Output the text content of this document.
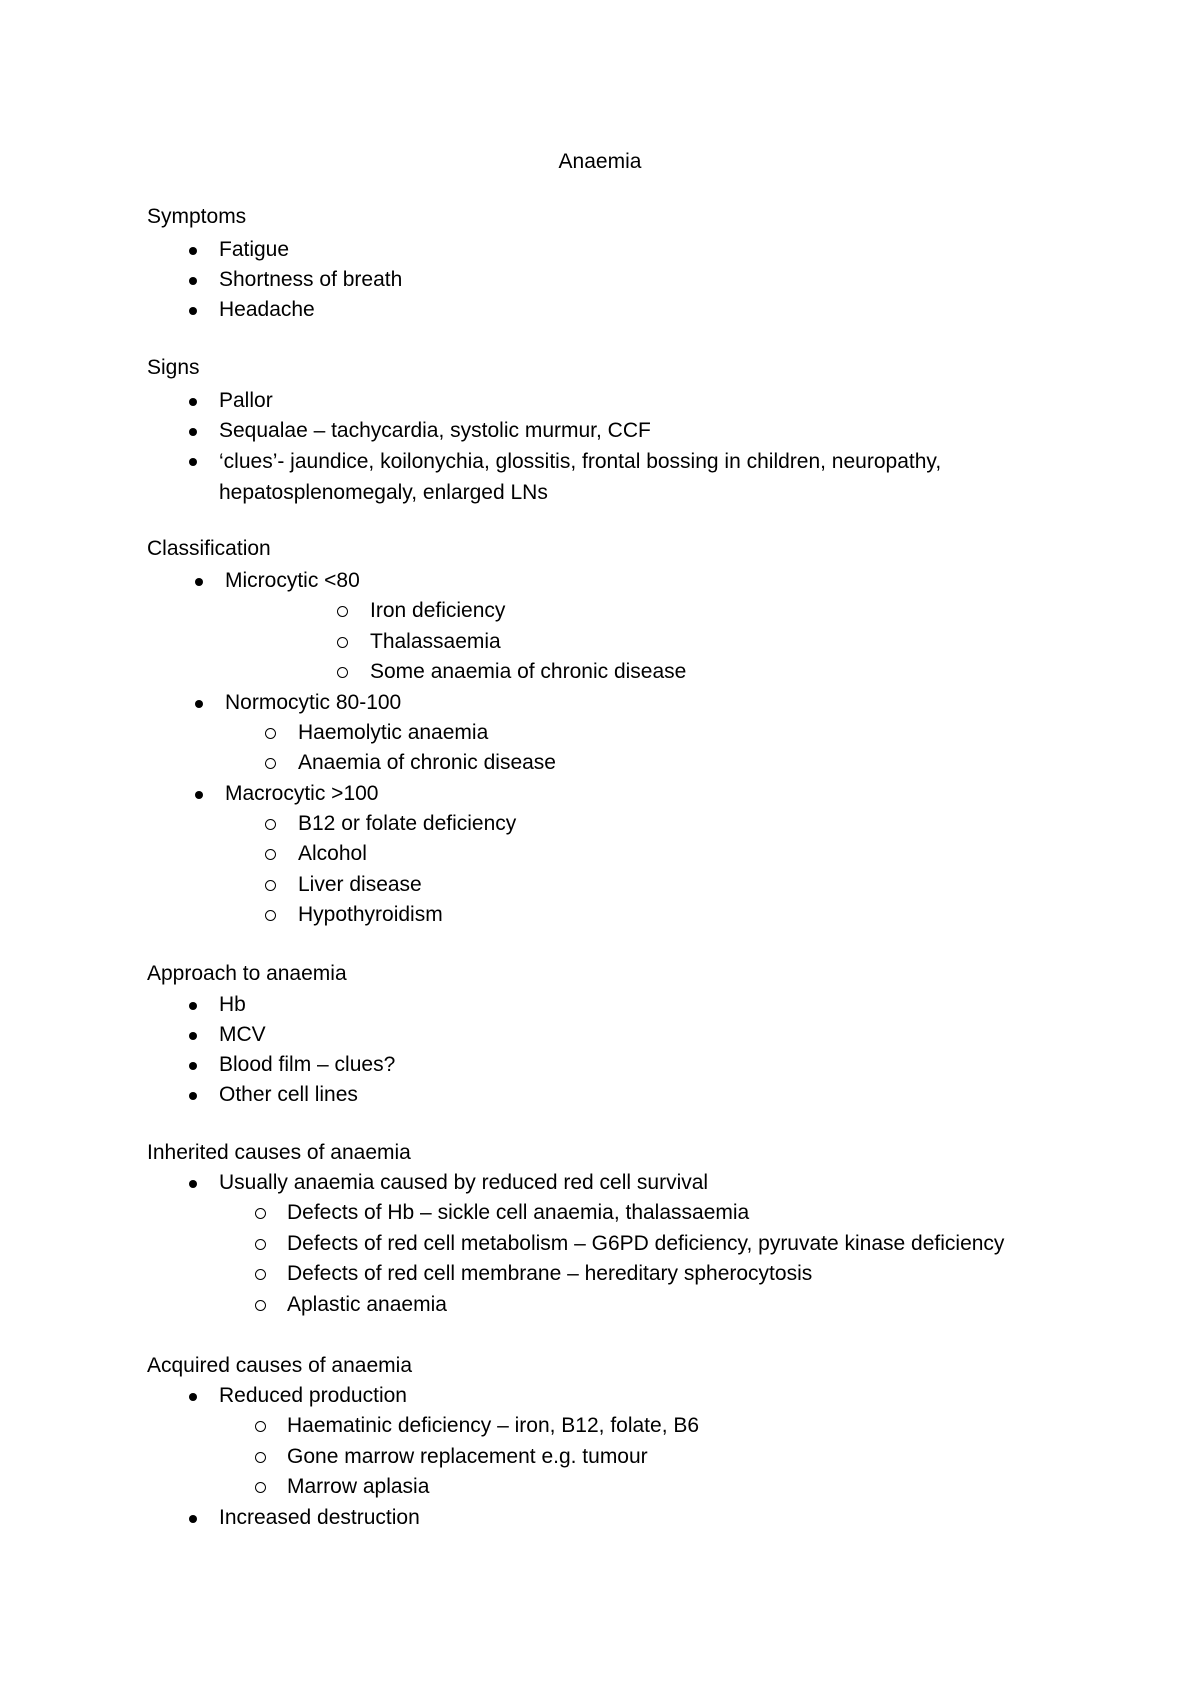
Anaemia
Symptoms
Fatigue
Shortness of breath
Headache
Signs
Pallor
Sequalae – tachycardia, systolic murmur, CCF
‘clues’- jaundice, koilonychia, glossitis, frontal bossing in children, neuropathy, hepatosplenomegaly, enlarged LNs
Classification
Microcytic <80
Iron deficiency
Thalassaemia
Some anaemia of chronic disease
Normocytic 80-100
Haemolytic anaemia
Anaemia of chronic disease
Macrocytic >100
B12 or folate deficiency
Alcohol
Liver disease
Hypothyroidism
Approach to anaemia
Hb
MCV
Blood film – clues?
Other cell lines
Inherited causes of anaemia
Usually anaemia caused by reduced red cell survival
Defects of Hb – sickle cell anaemia, thalassaemia
Defects of red cell metabolism – G6PD deficiency, pyruvate kinase deficiency
Defects of red cell membrane – hereditary spherocytosis
Aplastic anaemia
Acquired causes of anaemia
Reduced production
Haematinic deficiency – iron, B12, folate, B6
Gone marrow replacement e.g. tumour
Marrow aplasia
Increased destruction
